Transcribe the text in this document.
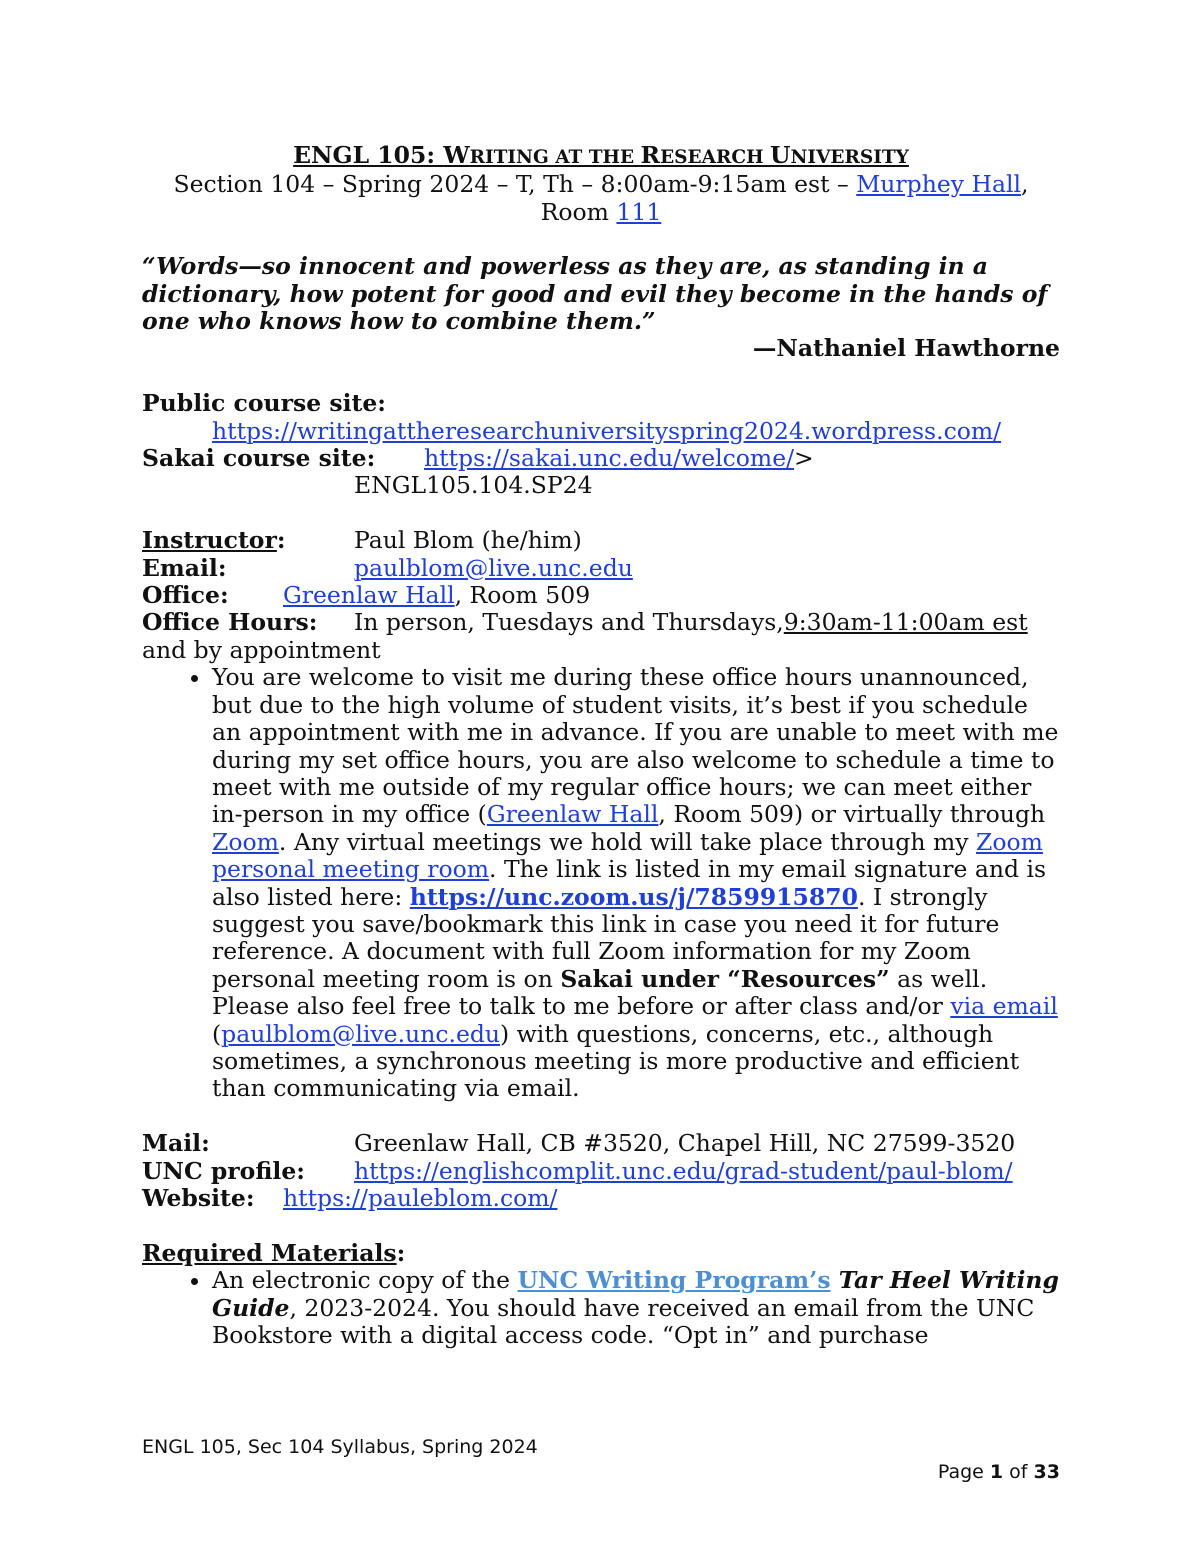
ENGL 105: WRITING AT THE RESEARCH UNIVERSITY
Section 104 – Spring 2024 – T, Th – 8:00am-9:15am est – Murphey Hall,
Room 111
“Words—so innocent and powerless as they are, as standing in a dictionary, how potent for good and evil they become in the hands of one who knows how to combine them.”
—Nathaniel Hawthorne
Public course site:
https://writingattheresearchuniversityspring2024.wordpress.com/
Sakai course site:	https://sakai.unc.edu/welcome/ >
ENGL105.104.SP24
Instructor:	Paul Blom (he/him)
Email:	paulblom@live.unc.edu
Office:	Greenlaw Hall , Room 509
Office Hours:	In person, Tuesdays and Thursdays, 9:30am-11:00am est
and by appointment
• You are welcome to visit me during these office hours unannounced, but due to the high volume of student visits, it’s best if you schedule an appointment with me in advance. If you are unable to meet with me during my set office hours, you are also welcome to schedule a time to meet with me outside of my regular office hours; we can meet either in-person in my office (Greenlaw Hall, Room 509) or virtually through Zoom. Any virtual meetings we hold will take place through my Zoom personal meeting room. The link is listed in my email signature and is also listed here: https://unc.zoom.us/j/7859915870. I strongly suggest you save/bookmark this link in case you need it for future reference. A document with full Zoom information for my Zoom personal meeting room is on Sakai under “Resources” as well. Please also feel free to talk to me before or after class and/or via email (paulblom@live.unc.edu) with questions, concerns, etc., although sometimes, a synchronous meeting is more productive and efficient than communicating via email.
Mail:	Greenlaw Hall, CB #3520, Chapel Hill, NC 27599-3520
UNC profile:	https://englishcomplit.unc.edu/grad-student/paul-blom/
Website:	https://pauleblom.com/
Required Materials:
• An electronic copy of the UNC Writing Program’s Tar Heel Writing Guide, 2023-2024. You should have received an email from the UNC Bookstore with a digital access code. “Opt in” and purchase
ENGL 105, Sec 104 Syllabus, Spring 2024
Page 1 of 33
